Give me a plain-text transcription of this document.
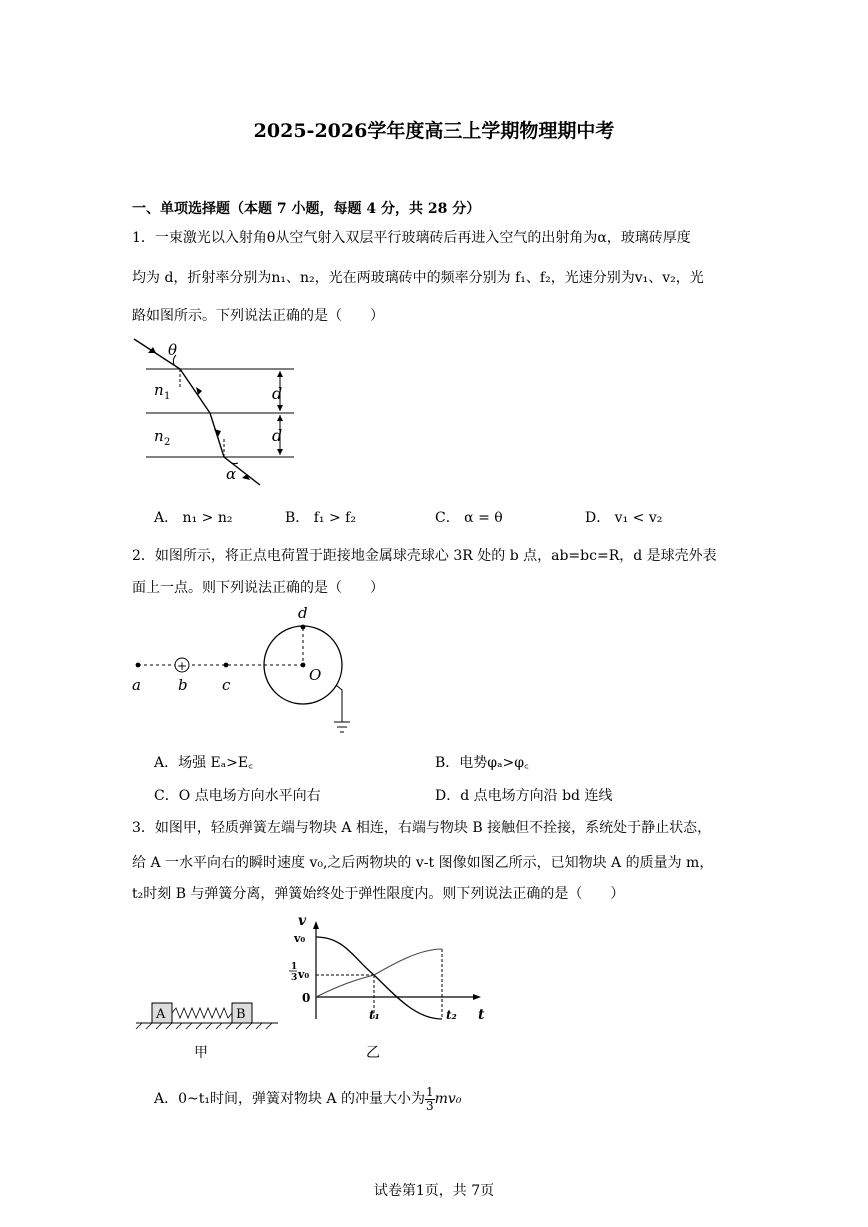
2025-2026学年度高三上学期物理期中考
一、单项选择题（本题 7 小题，每题 4 分，共 28 分）
1．一束激光以入射角θ从空气射入双层平行玻璃砖后再进入空气的出射角为α，玻璃砖厚度
均为 d，折射率分别为n₁、n₂，光在两玻璃砖中的频率分别为 f₁、f₂，光速分别为v₁、v₂，光
路如图所示。下列说法正确的是（　　）
θ
α
n 1
n 2
d
d
A． n₁ > n₂	B． f₁ > f₂	C． α = θ	D． v₁ < v₂
2．如图所示，将正点电荷置于距接地金属球壳球心 3R 处的 b 点，ab=bc=R，d 是球壳外表
面上一点。则下列说法正确的是（　　）
+
a b c
d
O
A．场强 Eₐ>E꜀	B．电势φₐ>φ꜀
C．O 点电场方向水平向右	D．d 点电场方向沿 bd 连线
3．如图甲，轻质弹簧左端与物块 A 相连，右端与物块 B 接触但不拴接，系统处于静止状态，
给 A 一水平向右的瞬时速度 v₀,之后两物块的 v-t 图像如图乙所示，已知物块 A 的质量为 m，
t₂时刻 B 与弹簧分离，弹簧始终处于弹性限度内。则下列说法正确的是（　　）
A	B
甲
v
t
v₀
1
3 v₀
0
t₁	t₂
乙
A．0~t₁时间，弹簧对物块 A 的冲量大小为 $\frac{1}{3} mv_0$
试卷第1页，共 7页
